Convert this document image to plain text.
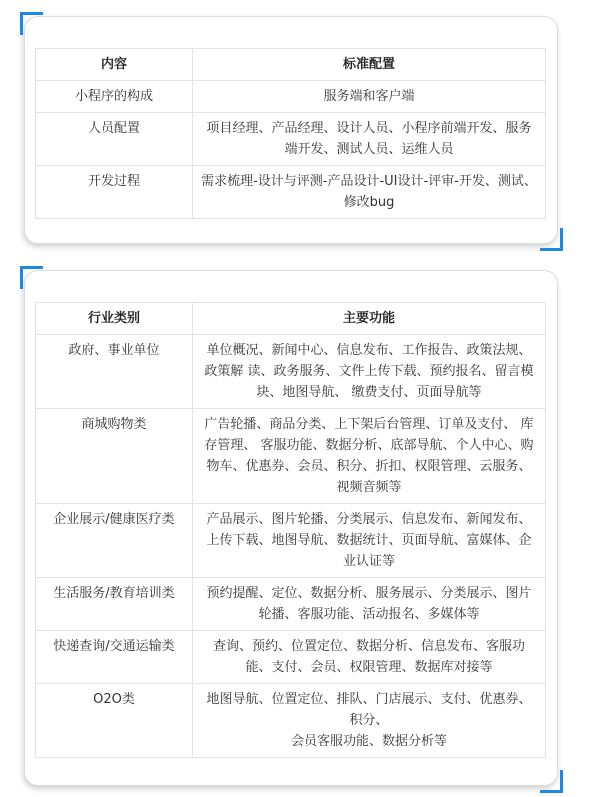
内容	标准配置
小程序的构成	服务端和客户端
人员配置	项目经理、产品经理、设计人员、小程序前端开发、服务端开发、测试人员、运维人员
开发过程	需求梳理-设计与评测-产品设计-UI设计-评审-开发、测试、修改bug
行业类别	主要功能
政府、事业单位	单位概况、新闻中心、信息发布、工作报告、政策法规、政策解 读、政务服务、文件上传下载、预约报名、留言模块、地图导航、 缴费支付、页面导航等
商城购物类	广告轮播、商品分类、上下架后台管理、订单及支付、 库存管理、 客服功能、数据分析、底部导航、个人中心、购物车、优惠券、会员、积分、折扣、权限管理、云服务、视频音频等
企业展示/健康医疗类	产品展示、图片轮播、分类展示、信息发布、新闻发布、上传下载、地图导航、数据统计、页面导航、富媒体、企业认证等
生活服务/教育培训类	预约提醒、定位、数据分析、服务展示、分类展示、图片轮播、客服功能、活动报名、多媒体等
快递查询/交通运输类	查询、预约、位置定位、数据分析、信息发布、客服功能、支付、会员、权限管理、数据库对接等
O2O类	地图导航、位置定位、排队、门店展示、支付、优惠券、积分、
会员客服功能、数据分析等
